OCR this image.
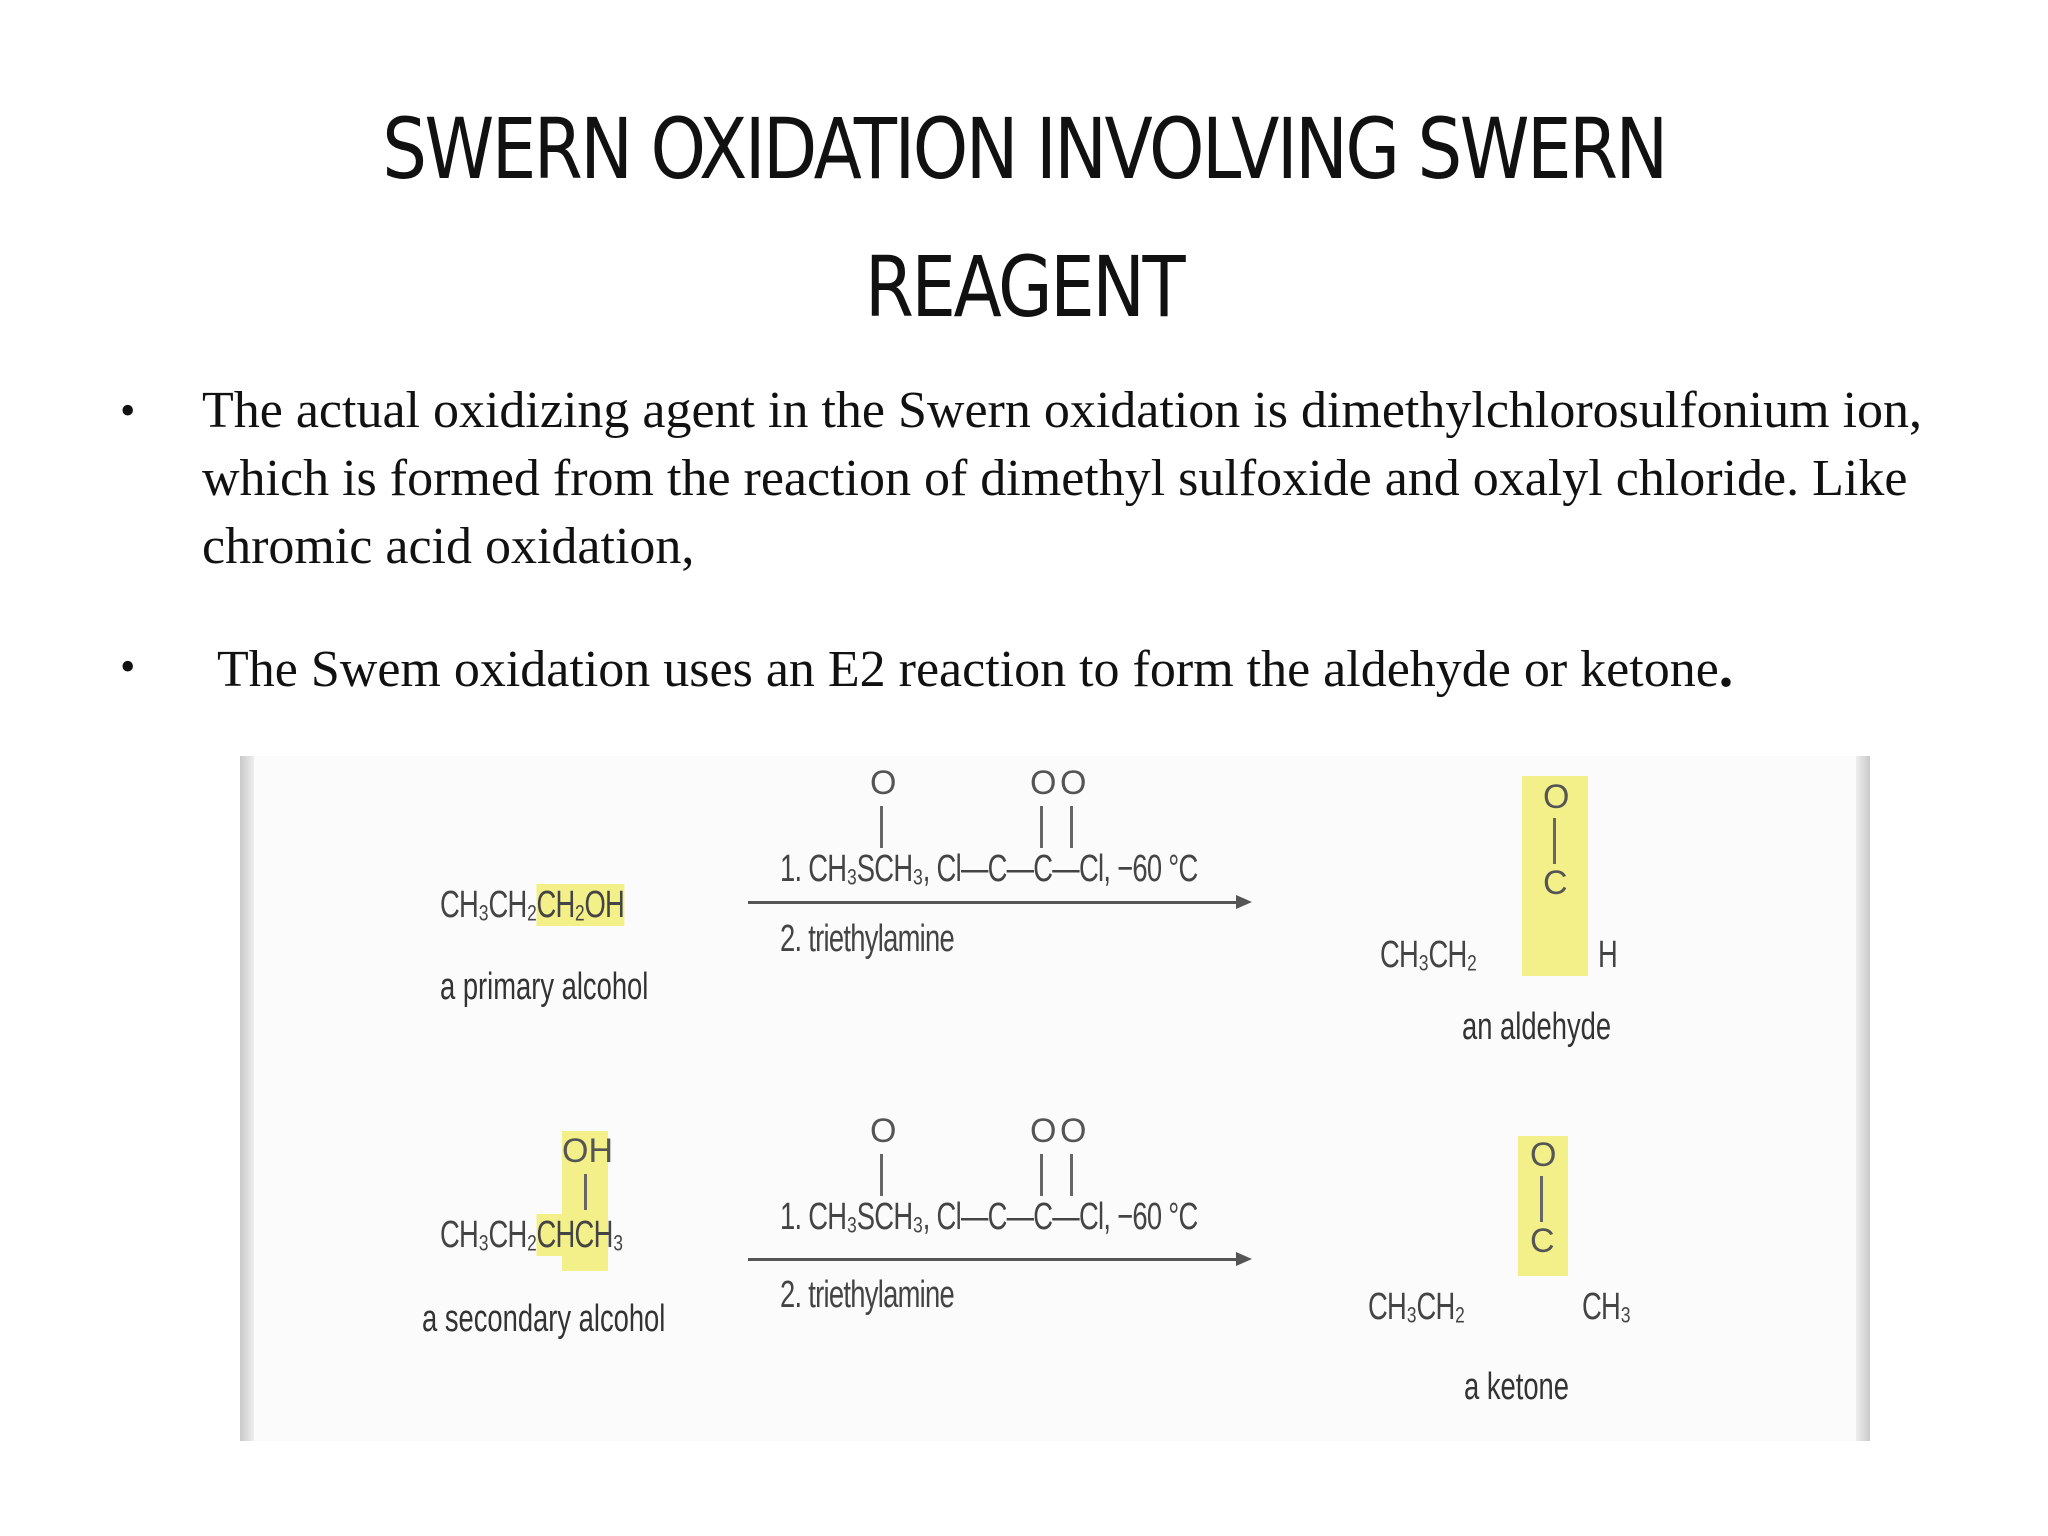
SWERN OXIDATION INVOLVING SWERN
REAGENT
• The actual oxidizing agent in the Swern oxidation is dimethylchlorosulfonium ion, which is formed from the reaction of dimethyl sulfoxide and oxalyl chloride. Like chromic acid oxidation,
• The Swem oxidation uses an E2 reaction to form the aldehyde or ketone.
CH₃CH₂CH₂OH
a primary alcohol
O	O O
1. CH₃SCH₃, Cl—C—C—Cl, −60 °C
2. triethylamine
O
C
CH₃CH₂	H
an aldehyde
OH
CH₃CH₂CHCH₃
a secondary alcohol
O	O O
1. CH₃SCH₃, Cl—C—C—Cl, −60 °C
2. triethylamine
O
C
CH₃CH₂	CH₃
a ketone
